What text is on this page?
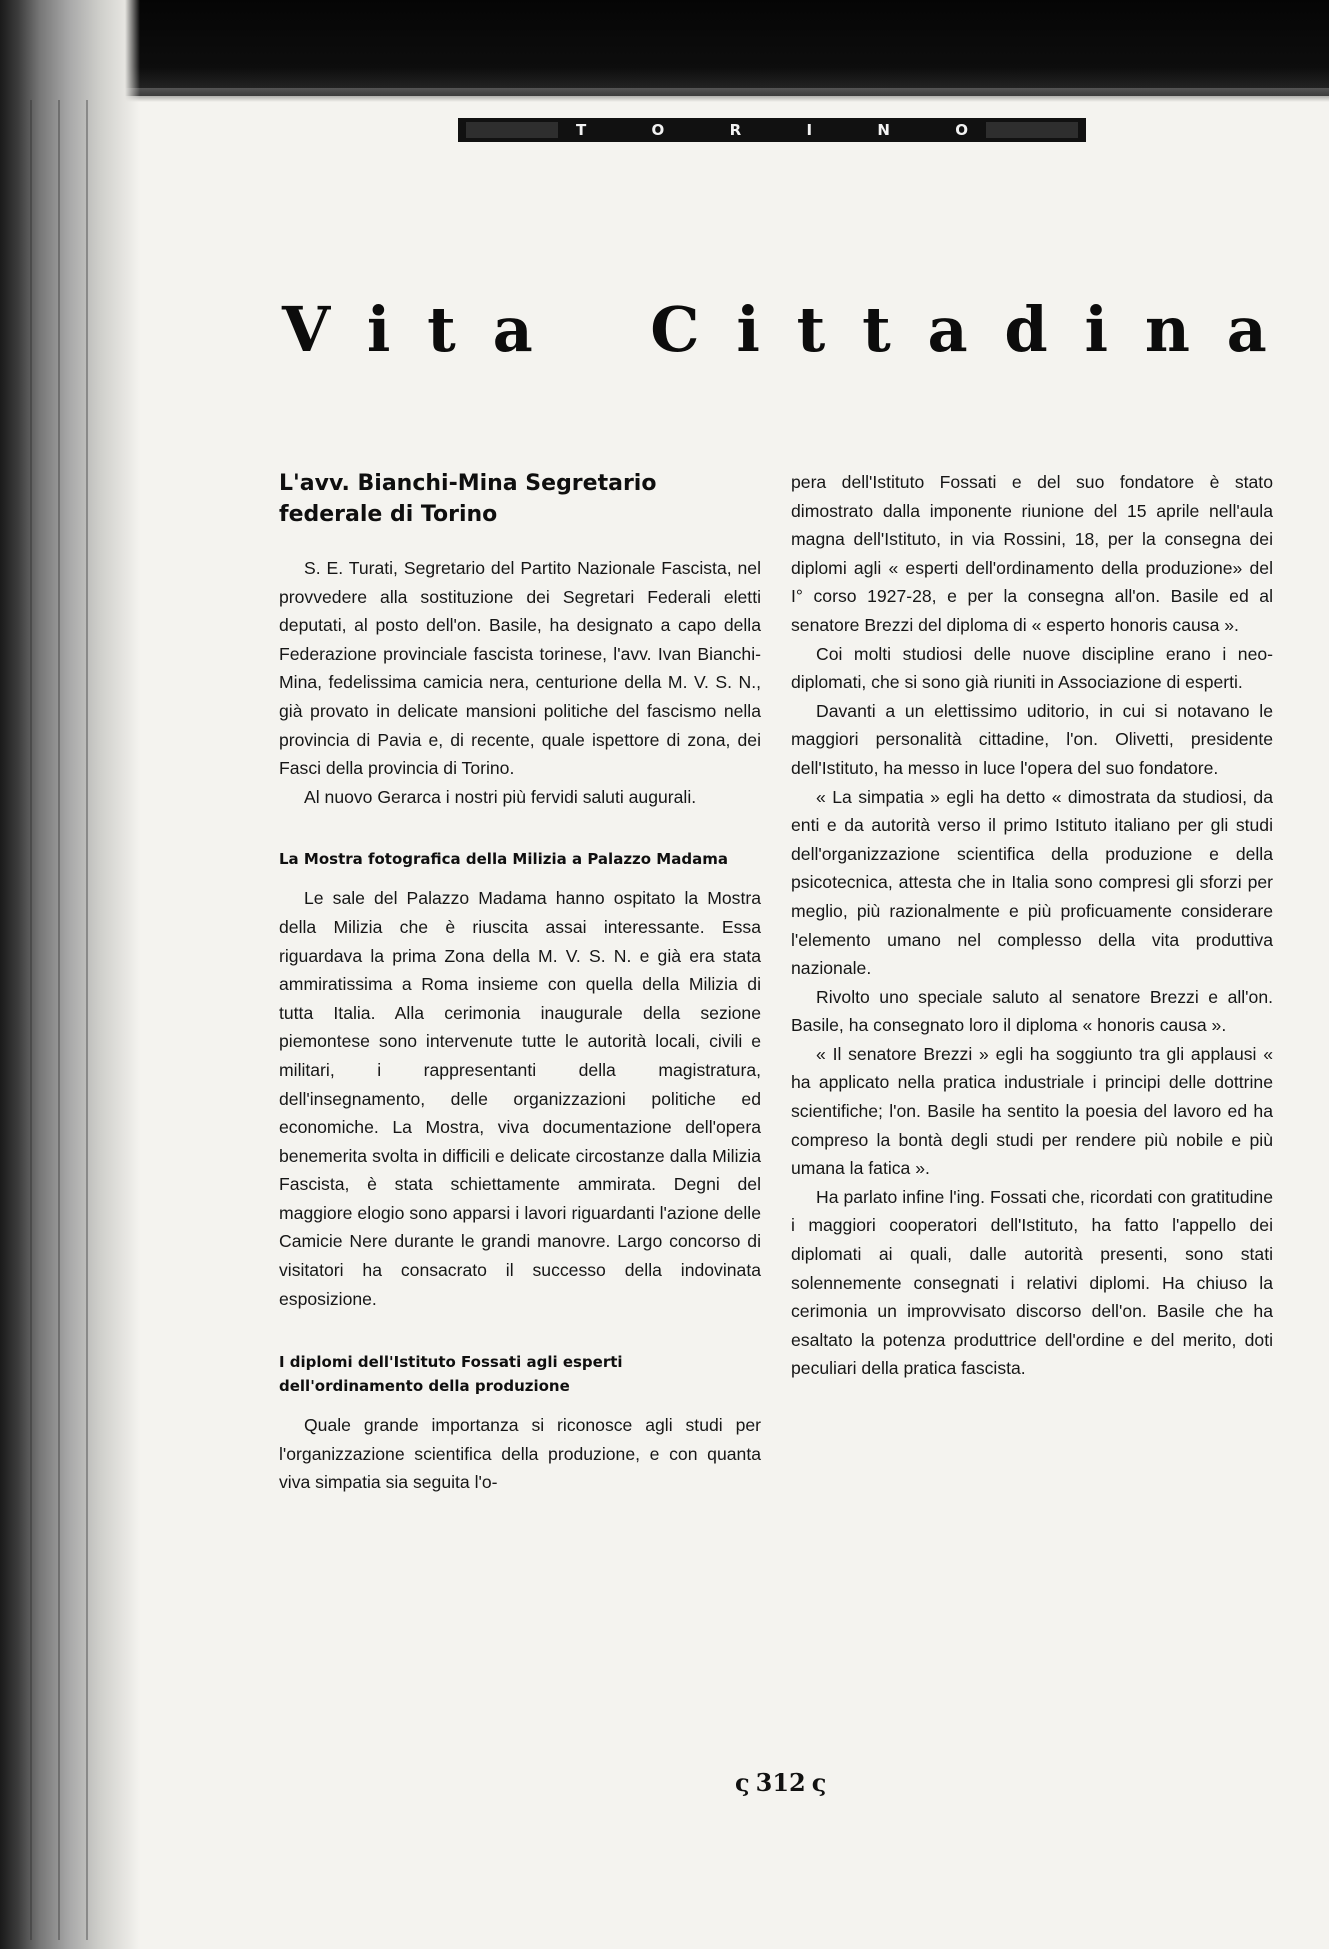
T	O	R	I	N	O
V i t a C i t t a d i n a
L'avv. Bianchi-Mina Segretario federale di Torino

S. E. Turati, Segretario del Partito Nazionale Fascista, nel provvedere alla sostituzione dei Segretari Federali eletti deputati, al posto dell'on. Basile, ha designato a capo della Federazione provinciale fascista torinese, l'avv. Ivan Bianchi-Mina, fedelissima camicia nera, centurione della M. V. S. N., già provato in delicate mansioni politiche del fascismo nella provincia di Pavia e, di recente, quale ispettore di zona, dei Fasci della provincia di Torino.

Al nuovo Gerarca i nostri più fervidi saluti augurali.

La Mostra fotografica della Milizia a Palazzo Madama

Le sale del Palazzo Madama hanno ospitato la Mostra della Milizia che è riuscita assai interessante. Essa riguardava la prima Zona della M. V. S. N. e già era stata ammiratissima a Roma insieme con quella della Milizia di tutta Italia. Alla cerimonia inaugurale della sezione piemontese sono intervenute tutte le autorità locali, civili e militari, i rappresentanti della magistratura, dell'insegnamento, delle organizzazioni politiche ed economiche. La Mostra, viva documentazione dell'opera benemerita svolta in difficili e delicate circostanze dalla Milizia Fascista, è stata schiettamente ammirata. Degni del maggiore elogio sono apparsi i lavori riguardanti l'azione delle Camicie Nere durante le grandi manovre. Largo concorso di visitatori ha consacrato il successo della indovinata esposizione.

I diplomi dell'Istituto Fossati agli esperti dell'ordinamento della produzione

Quale grande importanza si riconosce agli studi per l'organizzazione scientifica della produzione, e con quanta viva simpatia sia seguita l'o-

pera dell'Istituto Fossati e del suo fondatore è stato dimostrato dalla imponente riunione del 15 aprile nell'aula magna dell'Istituto, in via Rossini, 18, per la consegna dei diplomi agli « esperti dell'ordinamento della produzione» del I° corso 1927-28, e per la consegna all'on. Basile ed al senatore Brezzi del diploma di « esperto honoris causa ».

Coi molti studiosi delle nuove discipline erano i neo-diplomati, che si sono già riuniti in Associazione di esperti.

Davanti a un elettissimo uditorio, in cui si notavano le maggiori personalità cittadine, l'on. Olivetti, presidente dell'Istituto, ha messo in luce l'opera del suo fondatore.

« La simpatia » egli ha detto « dimostrata da studiosi, da enti e da autorità verso il primo Istituto italiano per gli studi dell'organizzazione scientifica della produzione e della psicotecnica, attesta che in Italia sono compresi gli sforzi per meglio, più razionalmente e più proficuamente considerare l'elemento umano nel complesso della vita produttiva nazionale.

Rivolto uno speciale saluto al senatore Brezzi e all'on. Basile, ha consegnato loro il diploma « honoris causa ».

« Il senatore Brezzi » egli ha soggiunto tra gli applausi « ha applicato nella pratica industriale i principi delle dottrine scientifiche; l'on. Basile ha sentito la poesia del lavoro ed ha compreso la bontà degli studi per rendere più nobile e più umana la fatica ».

Ha parlato infine l'ing. Fossati che, ricordati con gratitudine i maggiori cooperatori dell'Istituto, ha fatto l'appello dei diplomati ai quali, dalle autorità presenti, sono stati solennemente consegnati i relativi diplomi. Ha chiuso la cerimonia un improvvisato discorso dell'on. Basile che ha esaltato la potenza produttrice dell'ordine e del merito, doti peculiari della pratica fascista.

ς 312 ς
